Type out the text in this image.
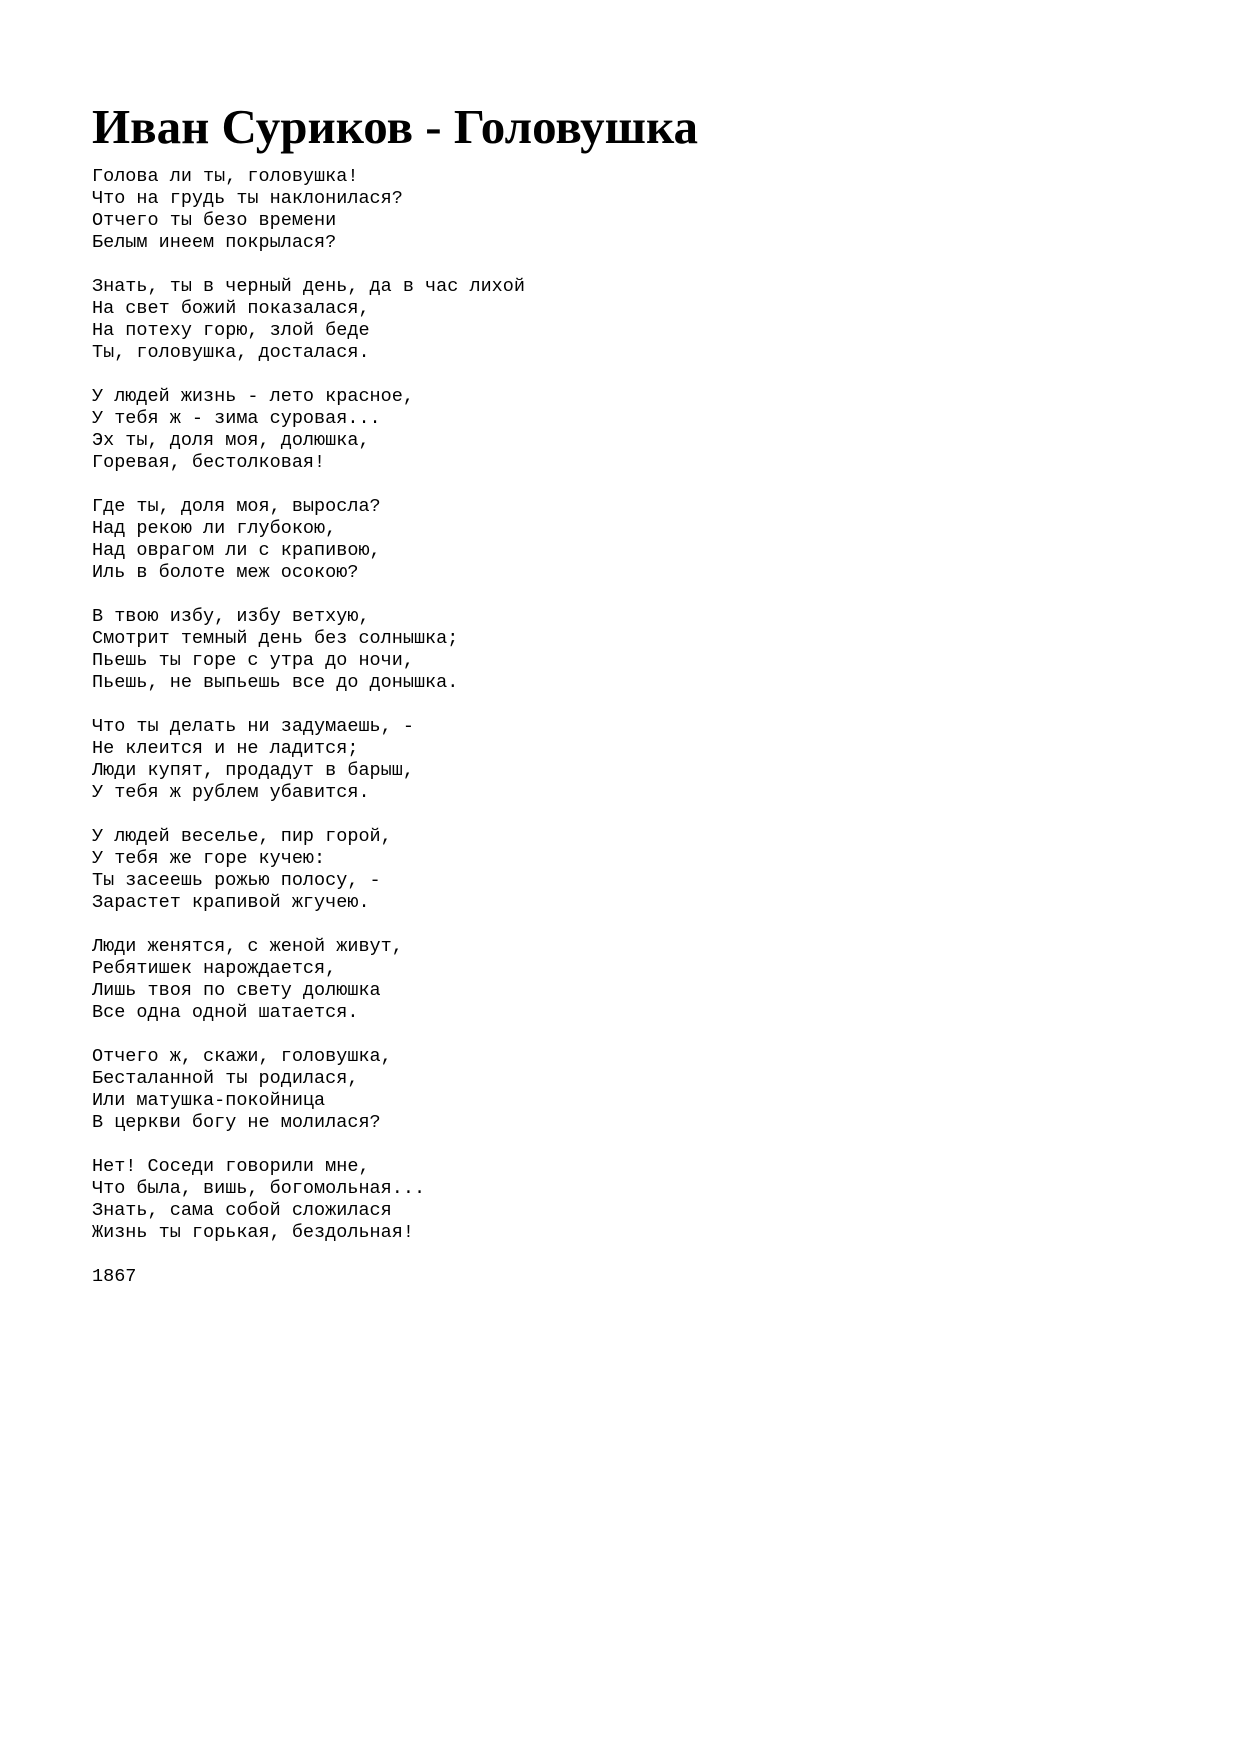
Иван Суриков - Головушка
Голова ли ты, головушка!
Что на грудь ты наклонилася?
Отчего ты безо времени
Белым инеем покрылася?
Знать, ты в черный день, да в час лихой
На свет божий показалася,
На потеху горю, злой беде
Ты, головушка, досталася.
У людей жизнь - лето красное,
У тебя ж - зима суровая...
Эх ты, доля моя, долюшка,
Горевая, бестолковая!
Где ты, доля моя, выросла?
Над рекою ли глубокою,
Над оврагом ли с крапивою,
Иль в болоте меж осокою?
В твою избу, избу ветхую,
Смотрит темный день без солнышка;
Пьешь ты горе с утра до ночи,
Пьешь, не выпьешь все до донышка.
Что ты делать ни задумаешь, -
Не клеится и не ладится;
Люди купят, продадут в барыш,
У тебя ж рублем убавится.
У людей веселье, пир горой,
У тебя же горе кучею:
Ты засеешь рожью полосу, -
Зарастет крапивой жгучею.
Люди женятся, с женой живут,
Ребятишек нарождается,
Лишь твоя по свету долюшка
Все одна одной шатается.
Отчего ж, скажи, головушка,
Бесталанной ты родилася,
Или матушка-покойница
В церкви богу не молилася?
Нет! Соседи говорили мне,
Что была, вишь, богомольная...
Знать, сама собой сложилася
Жизнь ты горькая, бездольная!
1867
